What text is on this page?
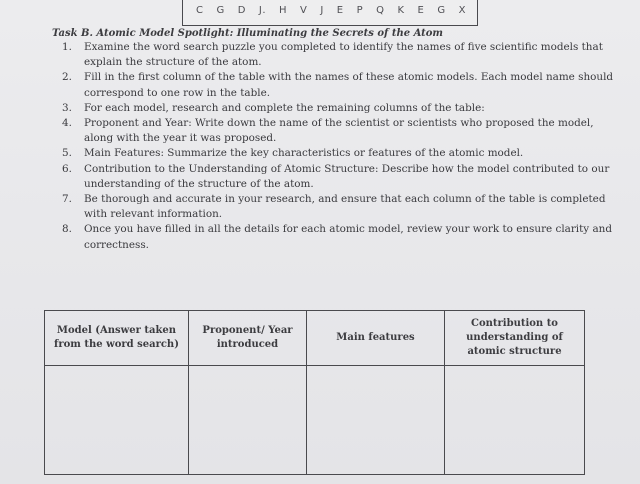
C G D J. H V J E P Q K E G X
Task B. Atomic Model Spotlight: Illuminating the Secrets of the Atom
1.	Examine the word search puzzle you completed to identify the names of five scientific models that explain the structure of the atom.
2.	Fill in the first column of the table with the names of these atomic models. Each model name should correspond to one row in the table.
3.	For each model, research and complete the remaining columns of the table:
4.	Proponent and Year: Write down the name of the scientist or scientists who proposed the model, along with the year it was proposed.
5.	Main Features: Summarize the key characteristics or features of the atomic model.
6.	Contribution to the Understanding of Atomic Structure: Describe how the model contributed to our understanding of the structure of the atom.
7.	Be thorough and accurate in your research, and ensure that each column of the table is completed with relevant information.
8.	Once you have filled in all the details for each atomic model, review your work to ensure clarity and correctness.
Model (Answer taken from the word search)	Proponent/ Year introduced	Main features	Contribution to understanding of atomic structure
